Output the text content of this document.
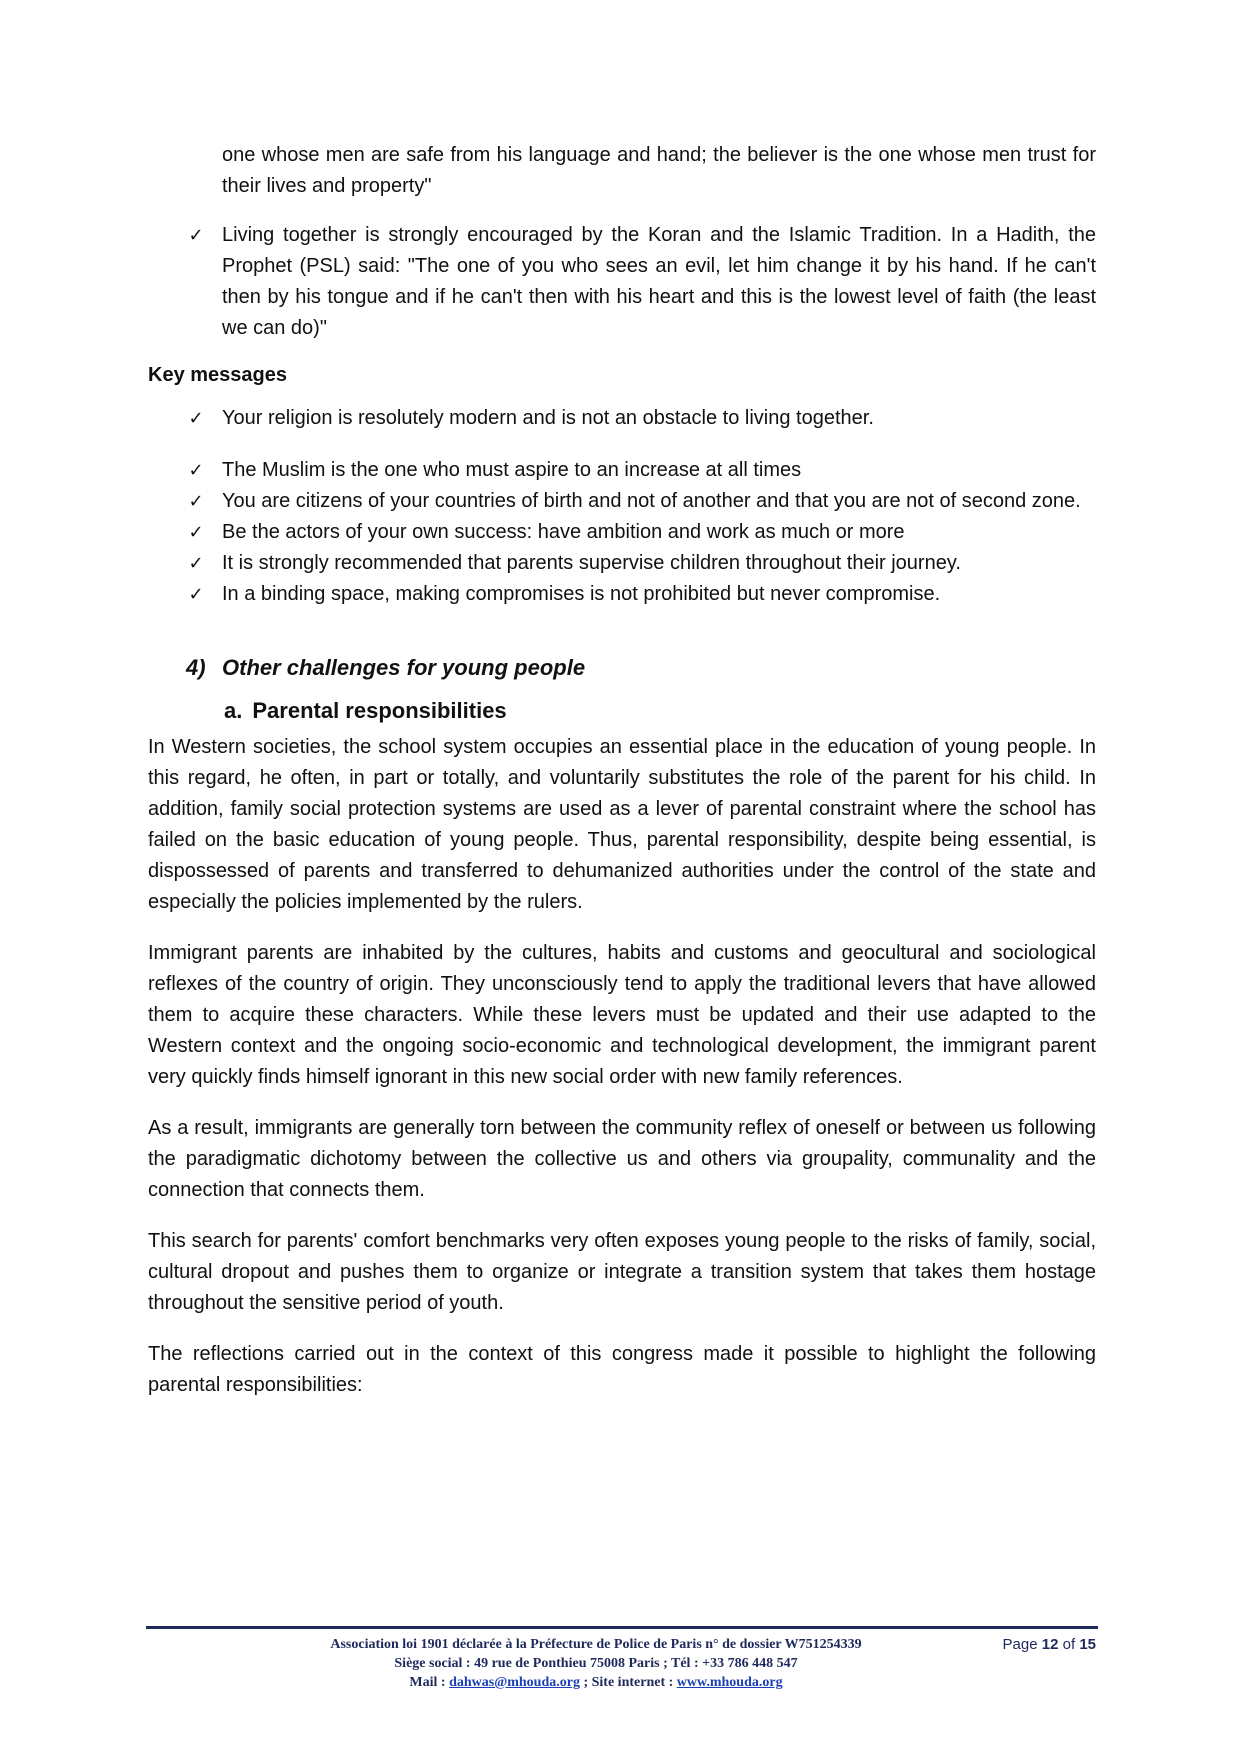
one whose men are safe from his language and hand; the believer is the one whose men trust for their lives and property"

✓ Living together is strongly encouraged by the Koran and the Islamic Tradition. In a Hadith, the Prophet (PSL) said: "The one of you who sees an evil, let him change it by his hand. If he can't then by his tongue and if he can't then with his heart and this is the lowest level of faith (the least we can do)"
Key messages
✓ Your religion is resolutely modern and is not an obstacle to living together.
✓ The Muslim is the one who must aspire to an increase at all times
✓ You are citizens of your countries of birth and not of another and that you are not of second zone.
✓ Be the actors of your own success: have ambition and work as much or more
✓ It is strongly recommended that parents supervise children throughout their journey.
✓ In a binding space, making compromises is not prohibited but never compromise.
4) Other challenges for young people
a. Parental responsibilities

In Western societies, the school system occupies an essential place in the education of young people. In this regard, he often, in part or totally, and voluntarily substitutes the role of the parent for his child. In addition, family social protection systems are used as a lever of parental constraint where the school has failed on the basic education of young people. Thus, parental responsibility, despite being essential, is dispossessed of parents and transferred to dehumanized authorities under the control of the state and especially the policies implemented by the rulers.

Immigrant parents are inhabited by the cultures, habits and customs and geocultural and sociological reflexes of the country of origin. They unconsciously tend to apply the traditional levers that have allowed them to acquire these characters. While these levers must be updated and their use adapted to the Western context and the ongoing socio-economic and technological development, the immigrant parent very quickly finds himself ignorant in this new social order with new family references.

As a result, immigrants are generally torn between the community reflex of oneself or between us following the paradigmatic dichotomy between the collective us and others via groupality, communality and the connection that connects them.

This search for parents' comfort benchmarks very often exposes young people to the risks of family, social, cultural dropout and pushes them to organize or integrate a transition system that takes them hostage throughout the sensitive period of youth.

The reflections carried out in the context of this congress made it possible to highlight the following parental responsibilities:

Association loi 1901 déclarée à la Préfecture de Police de Paris n° de dossier W751254339
Siège social : 49 rue de Ponthieu 75008 Paris ; Tél : +33 786 448 547
Mail : dahwas@mhouda.org ; Site internet : www.mhouda.org
Page 12 of 15
